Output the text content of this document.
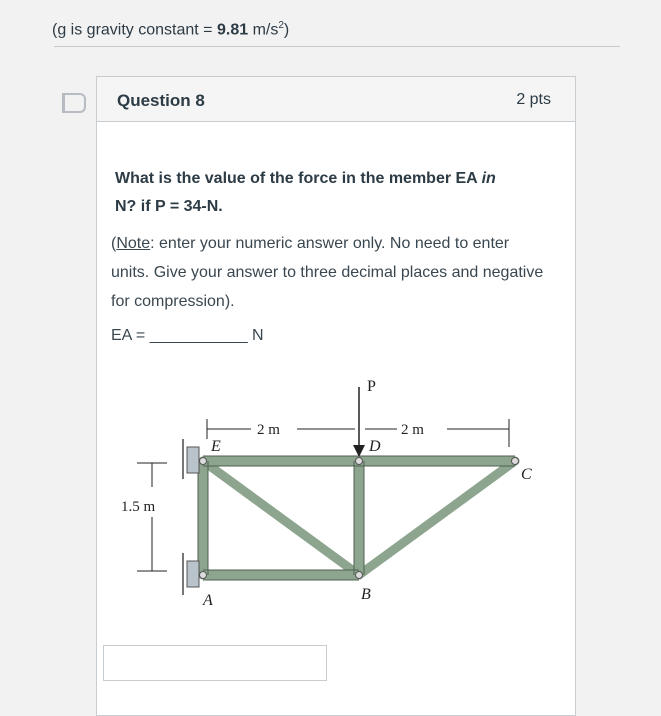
(g is gravity constant = 9.81 $m/s^2$)
Question 8	2 pts
What is the value of the force in the member EA in
N? if P = 34-N.
(Note: enter your numeric answer only. No need to enter units. Give your answer to three decimal places and negative for compression).
EA = ___________ N
P
2 m	2 m
1.5 m
E	D
C
A	B
